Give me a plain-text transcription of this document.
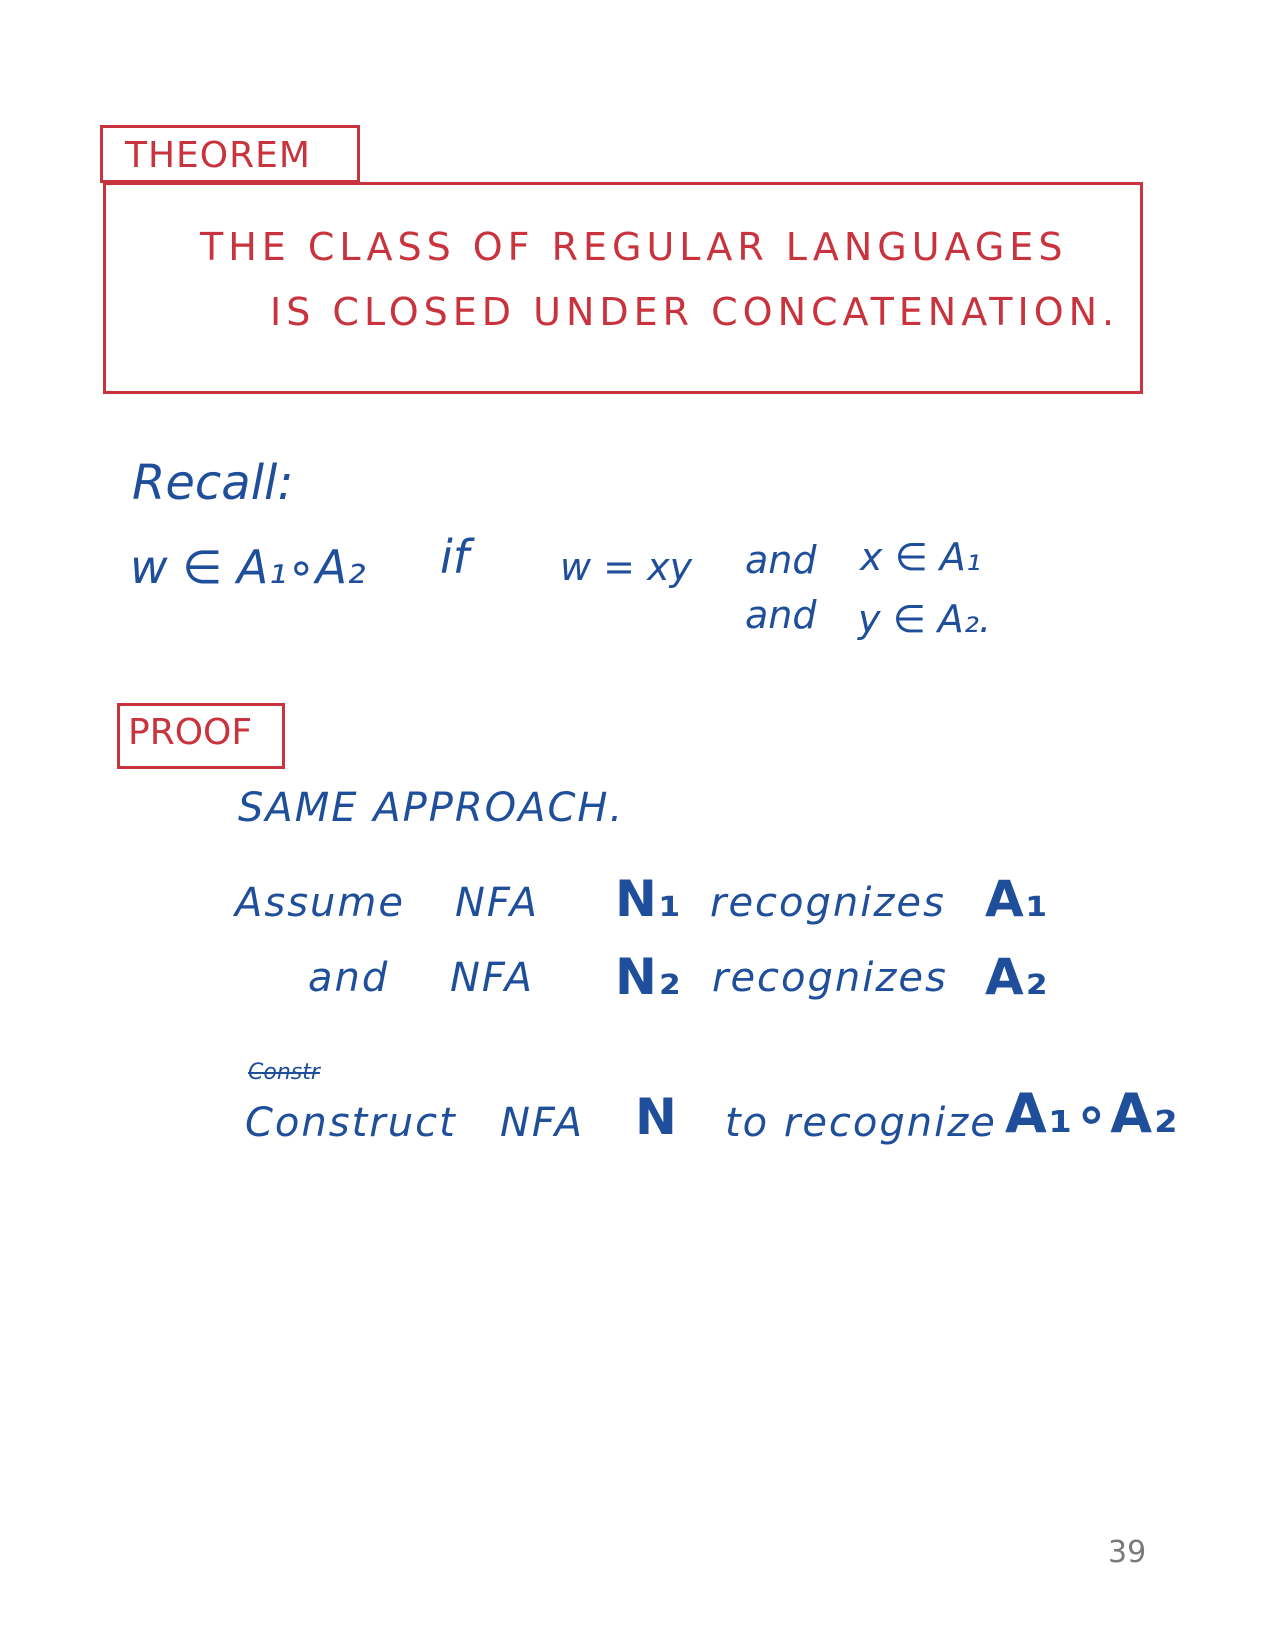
THEOREM
THE CLASS OF REGULAR LANGUAGES
IS CLOSED UNDER CONCATENATION.
Recall:
w ∈ A₁∘A₂ if w = xy and x ∈ A₁
and y ∈ A₂.
PROOF
SAME APPROACH.
Assume NFA N₁ recognizes A₁
and NFA N₂ recognizes A₂
Constr
Construct NFA N to recognize A₁∘A₂
39
